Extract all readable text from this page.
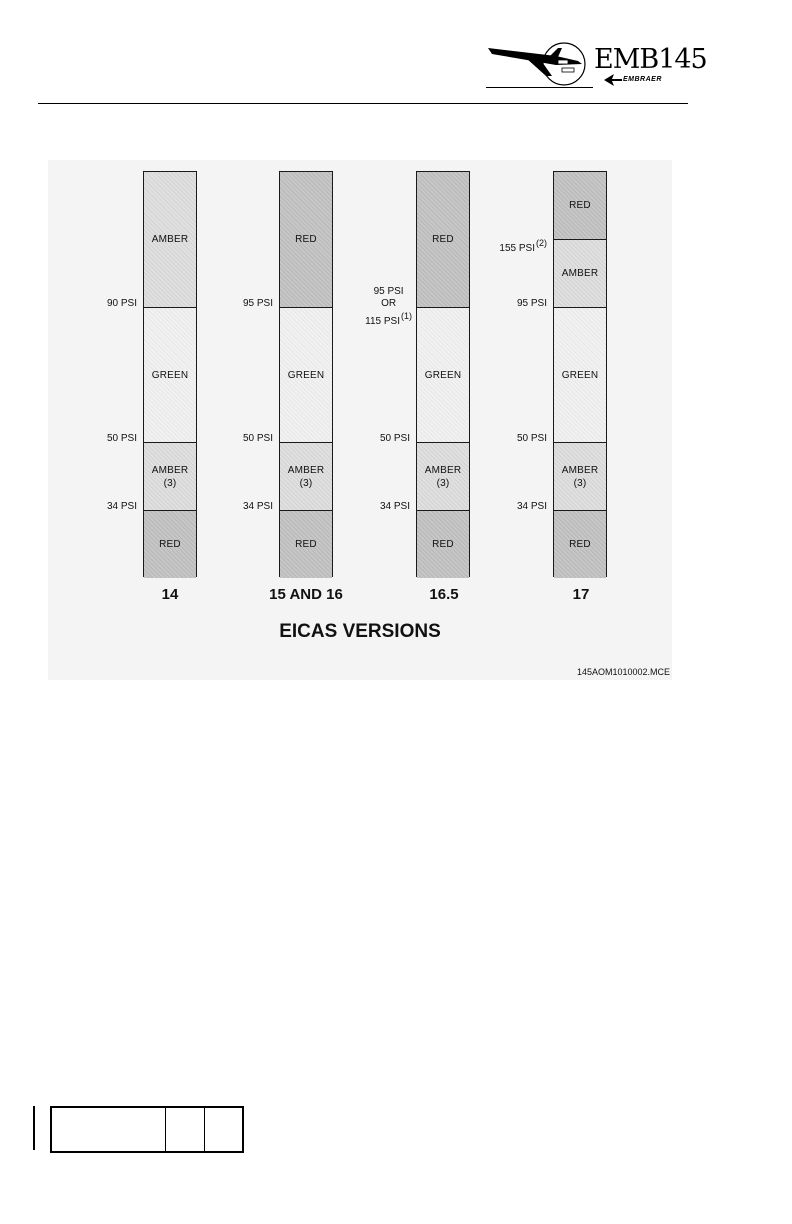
EMB145
EMBRAER
AMBER
GREEN
AMBER
(3)
RED
90 PSI
50 PSI
34 PSI
14
RED
GREEN
AMBER
(3)
RED
95 PSI
50 PSI
34 PSI
15 AND 16
RED
GREEN
AMBER
(3)
RED
95 PSI
OR
115 PSI(1)
50 PSI
34 PSI
16.5
RED
AMBER
GREEN
AMBER
(3)
RED
155 PSI(2)
95 PSI
50 PSI
34 PSI
17
EICAS VERSIONS
145AOM1010002.MCE
